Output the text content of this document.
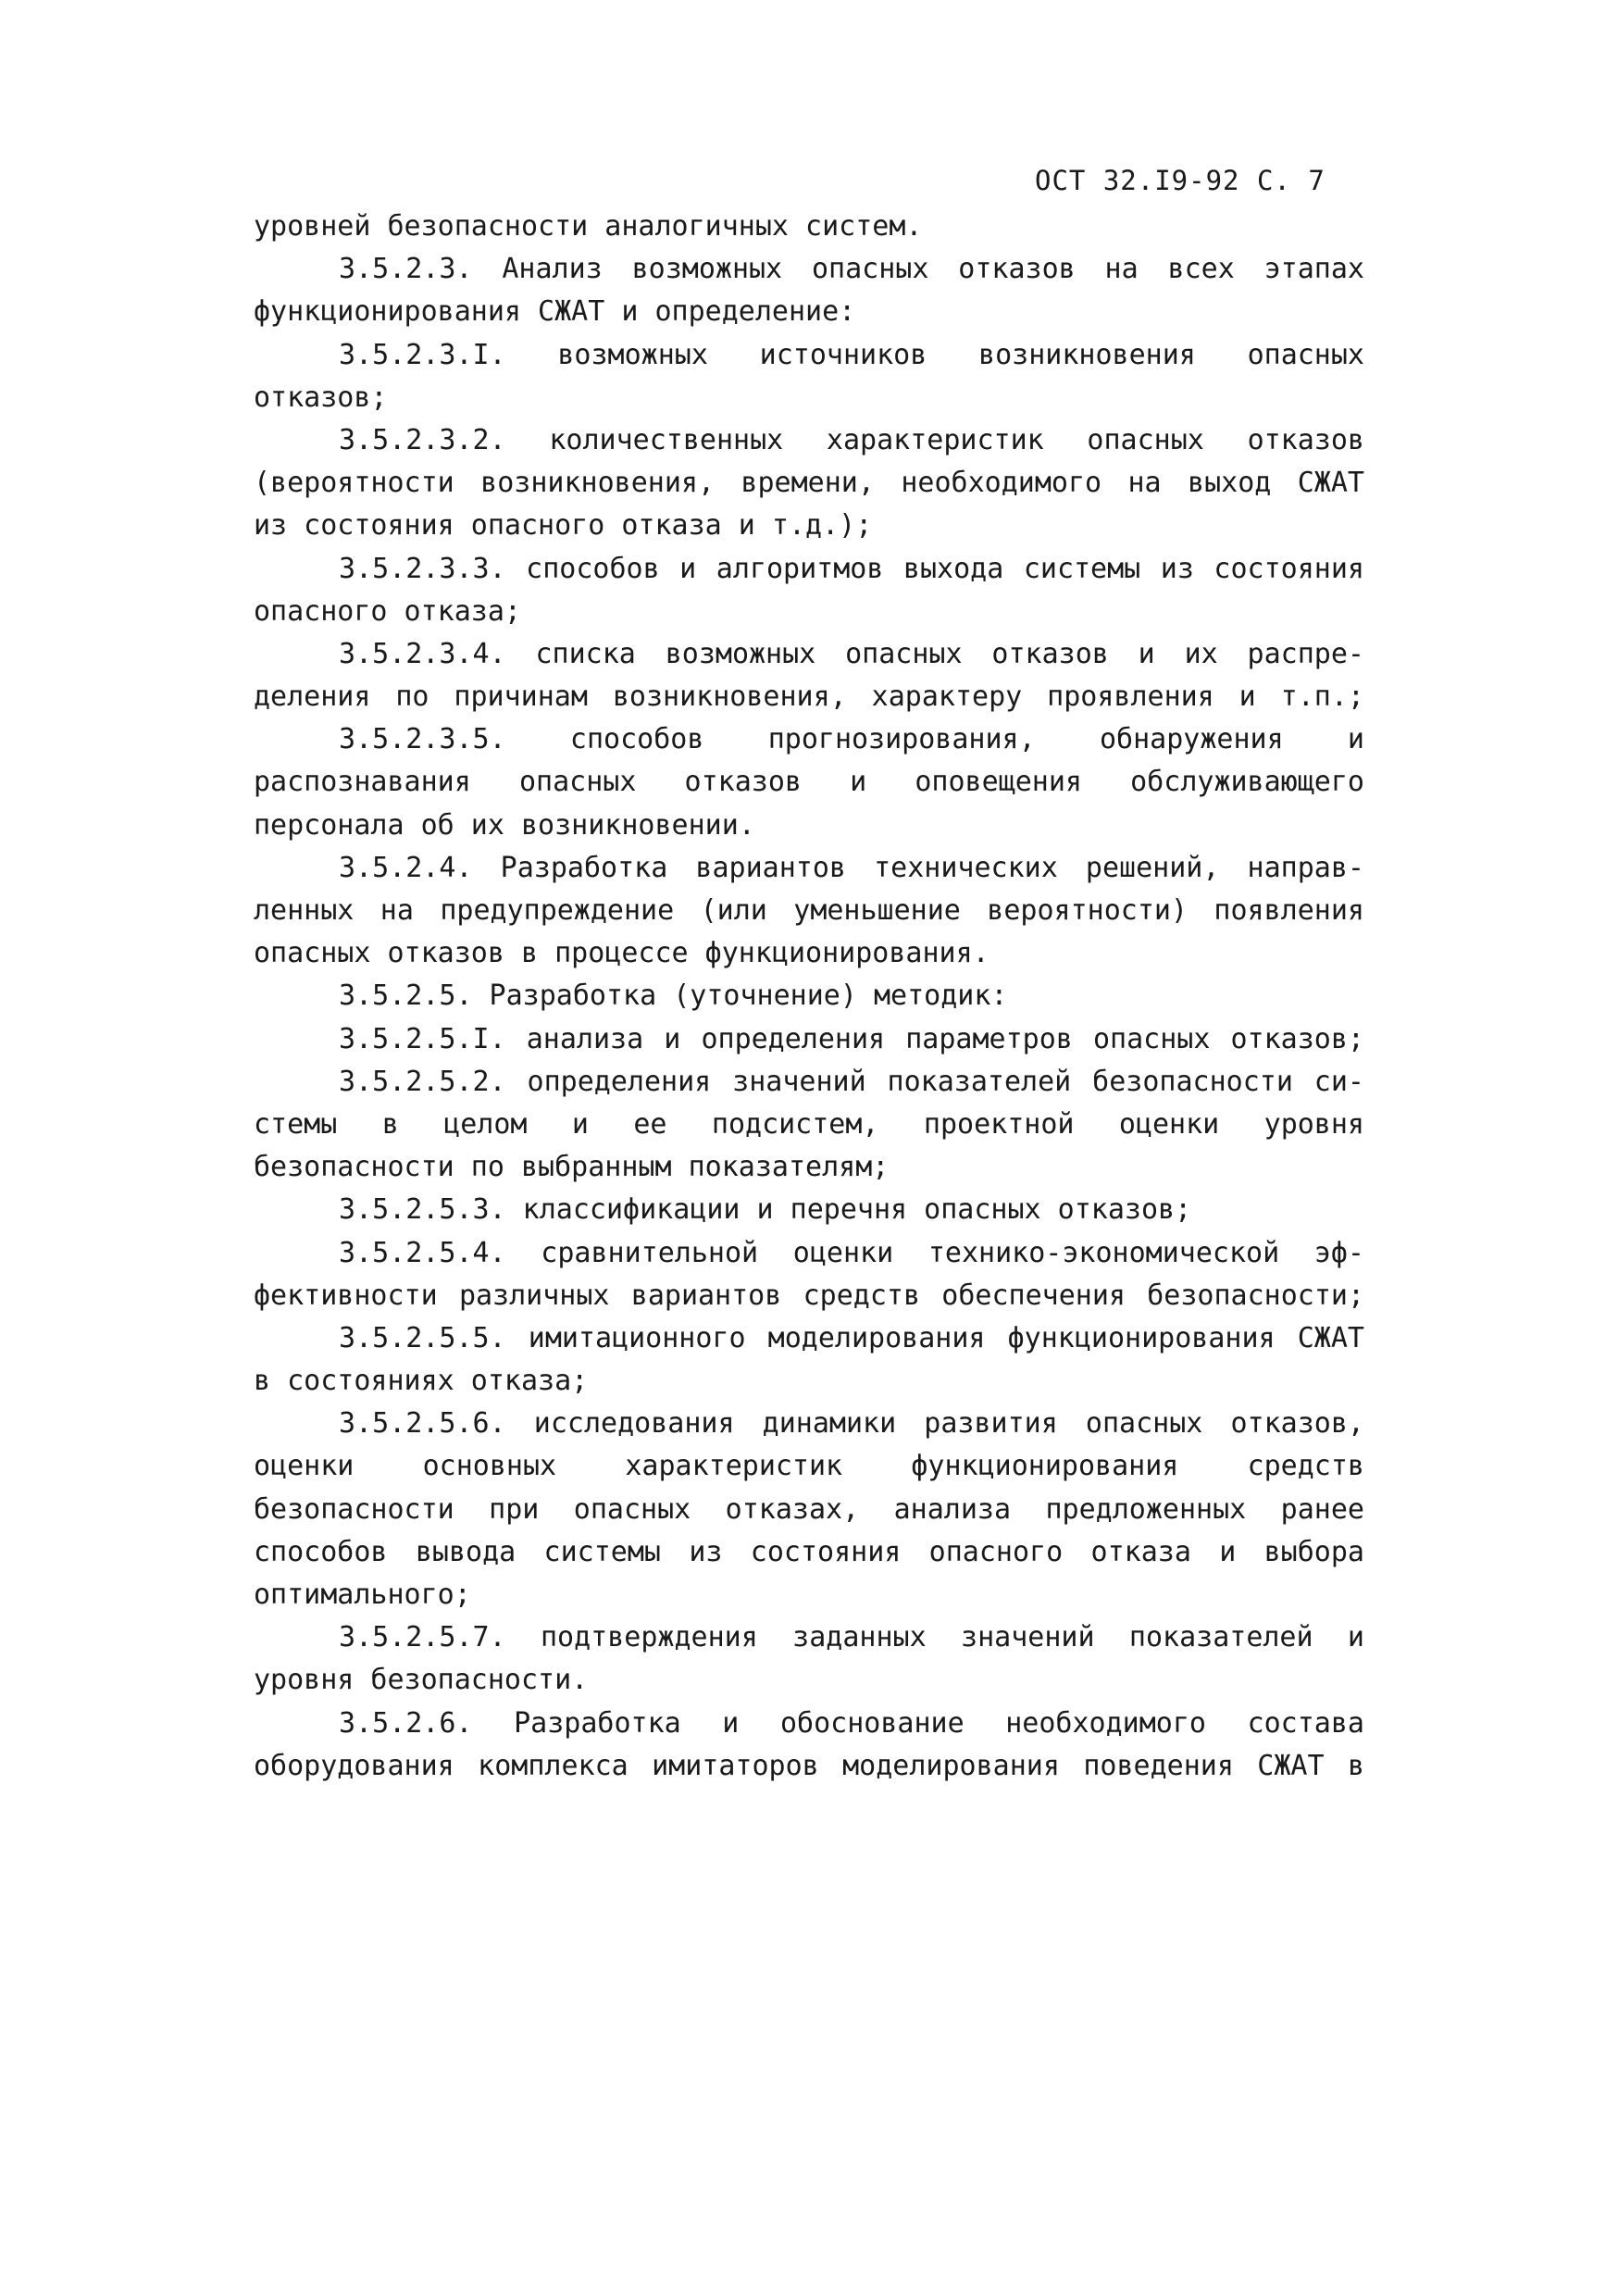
ОСТ 32.I9-92 С. 7
уровней безопасности аналогичных систем.
3.5.2.3. Анализ возможных опасных отказов на всех этапах
функционирования СЖАТ и определение:
3.5.2.3.I. возможных источников возникновения опасных
отказов;
3.5.2.3.2. количественных характеристик опасных отказов
(вероятности возникновения, времени, необходимого на выход СЖАТ
из состояния опасного отказа и т.д.);
3.5.2.3.3. способов и алгоритмов выхода системы из состояния
опасного отказа;
3.5.2.3.4. списка возможных опасных отказов и их распре-
деления по причинам возникновения, характеру проявления и т.п.;
3.5.2.3.5. способов прогнозирования, обнаружения и
распознавания опасных отказов и оповещения обслуживающего
персонала об их возникновении.
3.5.2.4. Разработка вариантов технических решений, направ-
ленных на предупреждение (или уменьшение вероятности) появления
опасных отказов в процессе функционирования.
3.5.2.5. Разработка (уточнение) методик:
3.5.2.5.I. анализа и определения параметров опасных отказов;
3.5.2.5.2. определения значений показателей безопасности си-
стемы в целом и ее подсистем, проектной оценки уровня
безопасности по выбранным показателям;
3.5.2.5.3. классификации и перечня опасных отказов;
3.5.2.5.4. сравнительной оценки технико-экономической эф-
фективности различных вариантов средств обеспечения безопасности;
3.5.2.5.5. имитационного моделирования функционирования СЖАТ
в состояниях отказа;
3.5.2.5.6. исследования динамики развития опасных отказов,
оценки основных характеристик функционирования средств
безопасности при опасных отказах, анализа предложенных ранее
способов вывода системы из состояния опасного отказа и выбора
оптимального;
3.5.2.5.7. подтверждения заданных значений показателей и
уровня безопасности.
3.5.2.6. Разработка и обоснование необходимого состава
оборудования комплекса имитаторов моделирования поведения СЖАТ в
